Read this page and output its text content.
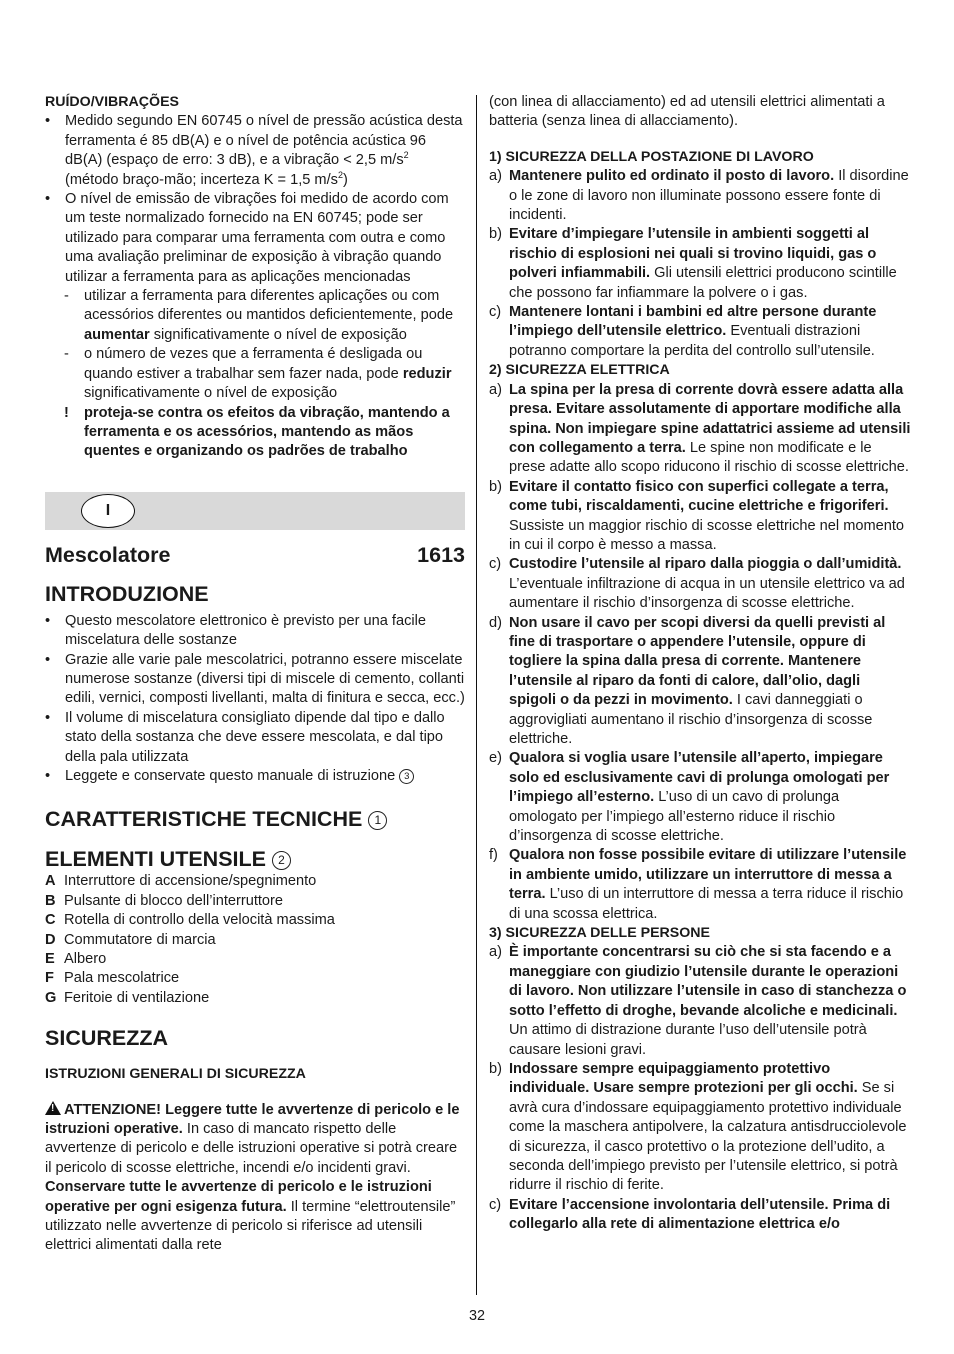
RUÍDO/VIBRAÇÕES

• Medido segundo EN 60745 o nível de pressão acústica desta ferramenta é 85 dB(A) e o nível de potência acústica 96 dB(A) (espaço de erro: 3 dB), e a vibração < 2,5 $m/s^2$ (método braço-mão; incerteza K = 1,5 $m/s^2$)
• O nível de emissão de vibrações foi medido de acordo com um teste normalizado fornecido na EN 60745; pode ser utilizado para comparar uma ferramenta com outra e como uma avaliação preliminar de exposição à vibração quando utilizar a ferramenta para as aplicações mencionadas
- utilizar a ferramenta para diferentes aplicações ou com acessórios diferentes ou mantidos deficientemente, pode aumentar significativamente o nível de exposição
- o número de vezes que a ferramenta é desligada ou quando estiver a trabalhar sem fazer nada, pode reduzir significativamente o nível de exposição
! proteja-se contra os efeitos da vibração, mantendo a ferramenta e os acessórios, mantendo as mãos quentes e organizando os padrões de trabalho
I
Mescolatore	1613

INTRODUZIONE

• Questo mescolatore elettronico è previsto per una facile miscelatura delle sostanze
• Grazie alle varie pale mescolatrici, potranno essere miscelate numerose sostanze (diversi tipi di miscele di cemento, collanti edili, vernici, composti livellanti, malta di finitura e secca, ecc.)
• Il volume di miscelatura consigliato dipende dal tipo e dallo stato della sostanza che deve essere mescolata, e dal tipo della pala utilizzata
• Leggete e conservate questo manuale di istruzione 3

CARATTERISTICHE TECNICHE 1

ELEMENTI UTENSILE 2

A Interruttore di accensione/spegnimento
B Pulsante di blocco dell’interruttore
C Rotella di controllo della velocità massima
D Commutatore di marcia
E Albero
F Pala mescolatrice
G Feritoie di ventilazione

SICUREZZA

ISTRUZIONI GENERALI DI SICUREZZA

!ATTENZIONE! Leggere tutte le avvertenze di pericolo e le istruzioni operative. In caso di mancato rispetto delle avvertenze di pericolo e delle istruzioni operative si potrà creare il pericolo di scosse elettriche, incendi e/o incidenti gravi. Conservare tutte le avvertenze di pericolo e le istruzioni operative per ogni esigenza futura. Il termine “elettroutensile” utilizzato nelle avvertenze di pericolo si riferisce ad utensili elettrici alimentati dalla rete

(con linea di allacciamento) ed ad utensili elettrici alimentati a batteria (senza linea di allacciamento).

1) SICUREZZA DELLA POSTAZIONE DI LAVORO

a) Mantenere pulito ed ordinato il posto di lavoro. Il disordine o le zone di lavoro non illuminate possono essere fonte di incidenti.
b) Evitare d’impiegare l’utensile in ambienti soggetti al rischio di esplosioni nei quali si trovino liquidi, gas o polveri infiammabili. Gli utensili elettrici producono scintille che possono far infiammare la polvere o i gas.
c) Mantenere lontani i bambini ed altre persone durante l’impiego dell’utensile elettrico. Eventuali distrazioni potranno comportare la perdita del controllo sull’utensile.

2) SICUREZZA ELETTRICA

a) La spina per la presa di corrente dovrà essere adatta alla presa. Evitare assolutamente di apportare modifiche alla spina. Non impiegare spine adattatrici assieme ad utensili con collegamento a terra. Le spine non modificate e le prese adatte allo scopo riducono il rischio di scosse elettriche.
b) Evitare il contatto fisico con superfici collegate a terra, come tubi, riscaldamenti, cucine elettriche e frigoriferi. Sussiste un maggior rischio di scosse elettriche nel momento in cui il corpo è messo a massa.
c) Custodire l’utensile al riparo dalla pioggia o dall’umidità. L’eventuale infiltrazione di acqua in un utensile elettrico va ad aumentare il rischio d’insorgenza di scosse elettriche.
d) Non usare il cavo per scopi diversi da quelli previsti al fine di trasportare o appendere l’utensile, oppure di togliere la spina dalla presa di corrente. Mantenere l’utensile al riparo da fonti di calore, dall’olio, dagli spigoli o da pezzi in movimento. I cavi danneggiati o aggrovigliati aumentano il rischio d’insorgenza di scosse elettriche.
e) Qualora si voglia usare l’utensile all’aperto, impiegare solo ed esclusivamente cavi di prolunga omologati per l’impiego all’esterno. L’uso di un cavo di prolunga omologato per l’impiego all’esterno riduce il rischio d’insorgenza di scosse elettriche.
f) Qualora non fosse possibile evitare di utilizzare l’utensile in ambiente umido, utilizzare un interruttore di messa a terra. L’uso di un interruttore di messa a terra riduce il rischio di una scossa elettrica.

3) SICUREZZA DELLE PERSONE

a) È importante concentrarsi su ciò che si sta facendo e a maneggiare con giudizio l’utensile durante le operazioni di lavoro. Non utilizzare l’utensile in caso di stanchezza o sotto l’effetto di droghe, bevande alcoliche e medicinali. Un attimo di distrazione durante l’uso dell’utensile potrà causare lesioni gravi.
b) Indossare sempre equipaggiamento protettivo individuale. Usare sempre protezioni per gli occhi. Se si avrà cura d’indossare equipaggiamento protettivo individuale come la maschera antipolvere, la calzatura antisdrucciolevole di sicurezza, il casco protettivo o la protezione dell’udito, a seconda dell’impiego previsto per l’utensile elettrico, si potrà ridurre il rischio di ferite.
c) Evitare l’accensione involontaria dell’utensile. Prima di collegarlo alla rete di alimentazione elettrica e/o
32
